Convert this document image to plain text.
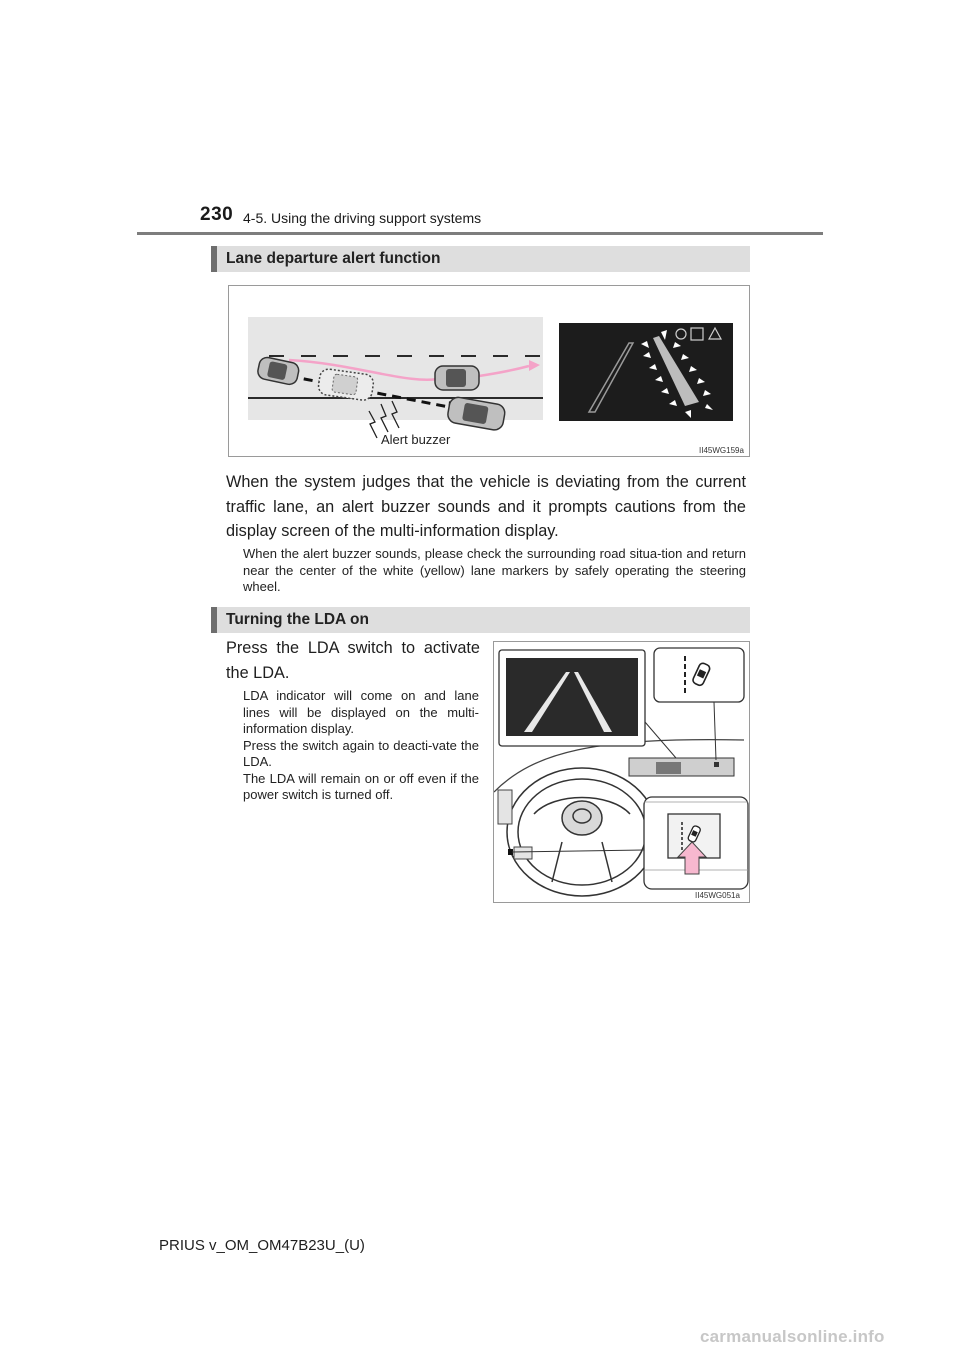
230 4-5. Using the driving support systems
Lane departure alert function
Alert buzzer
II45WG159a
When the system judges that the vehicle is deviating from the current traffic lane, an alert buzzer sounds and it prompts cautions from the display screen of the multi-information display.
When the alert buzzer sounds, please check the surrounding road situa-tion and return near the center of the white (yellow) lane markers by safely operating the steering wheel.
Turning the LDA on
Press the LDA switch to activate the LDA.
LDA indicator will come on and lane lines will be displayed on the multi-information display.
Press the switch again to deacti-vate the LDA.
The LDA will remain on or off even if the power switch is turned off.
II45WG051a
PRIUS v_OM_OM47B23U_(U)
carmanualsonline.info
